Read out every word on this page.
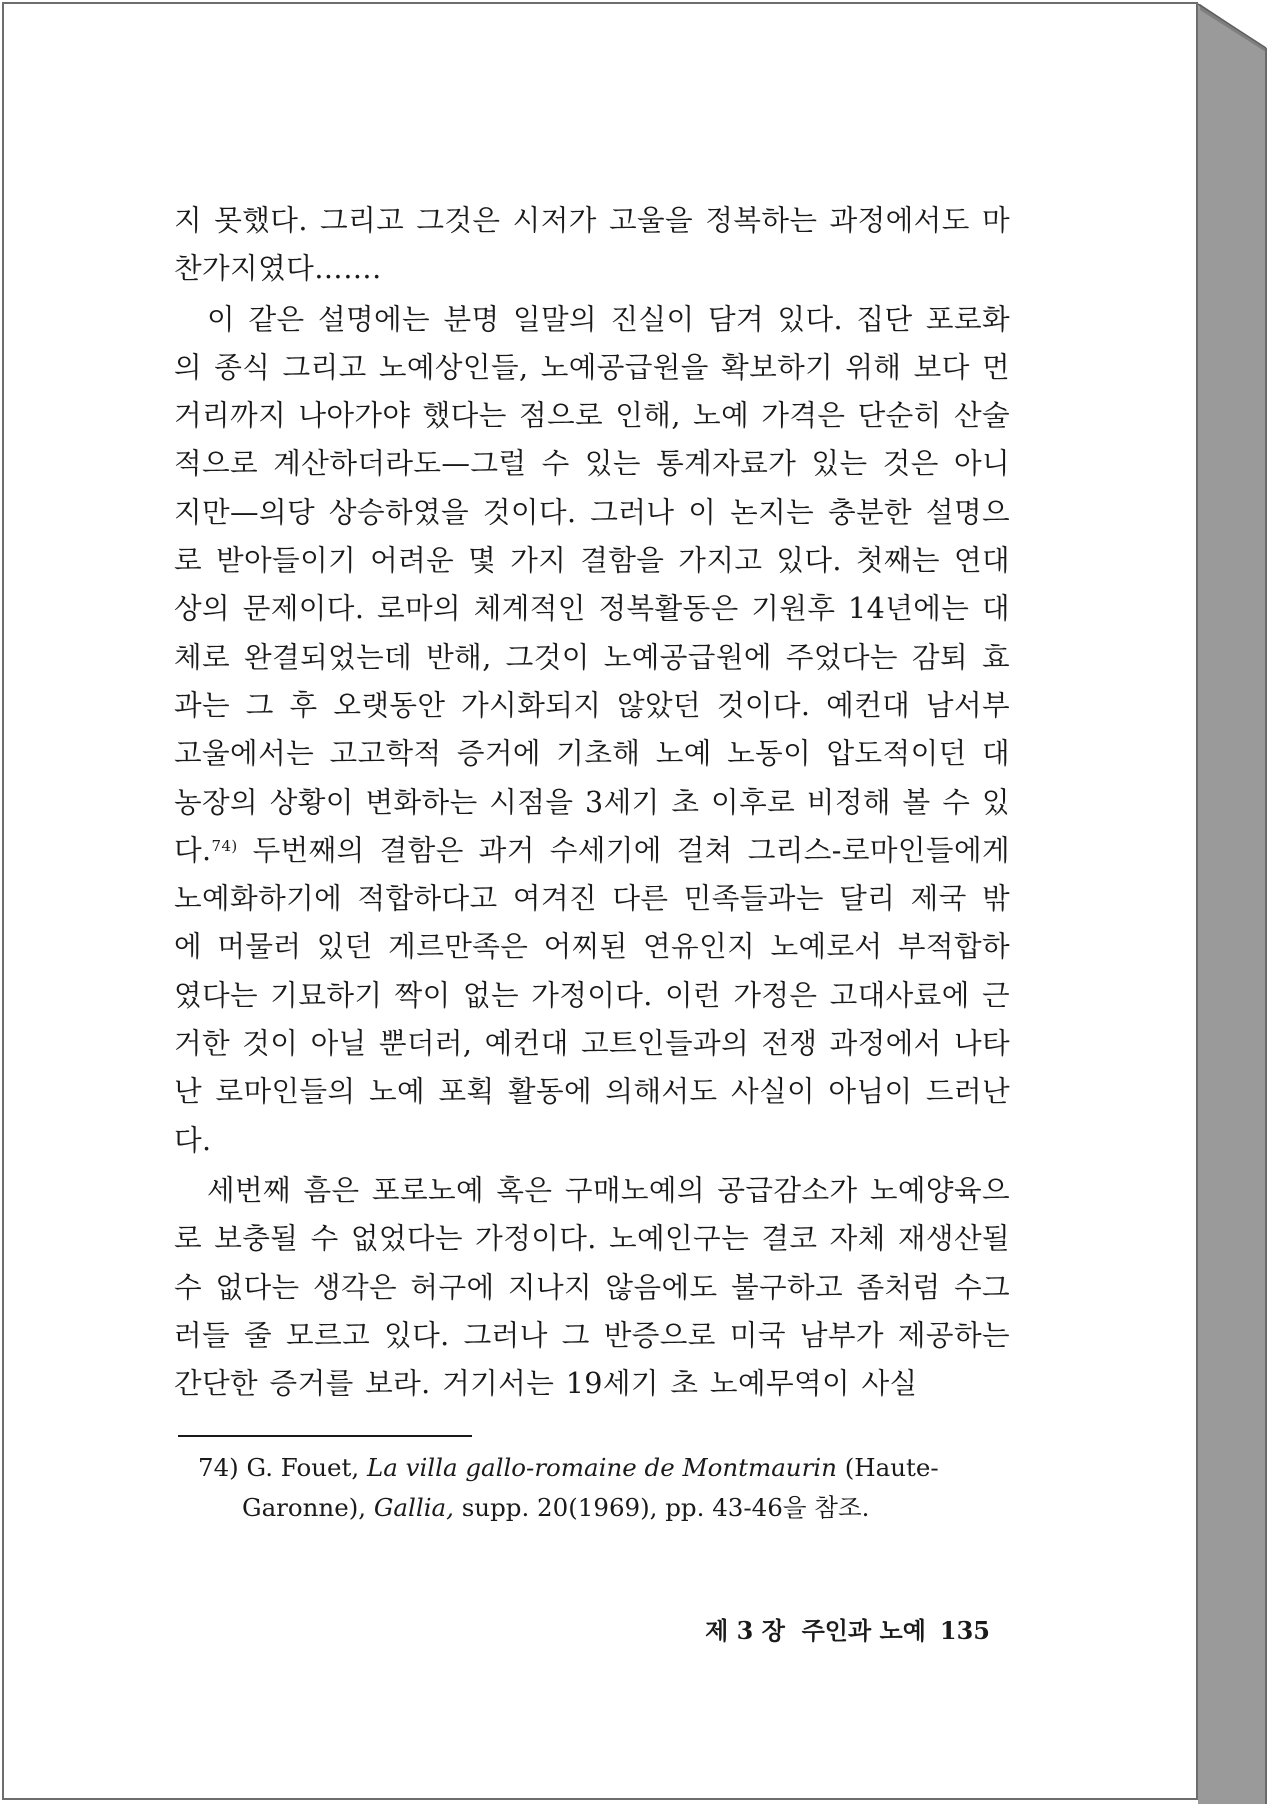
지 못했다. 그리고 그것은 시저가 고울을 정복하는 과정에서도 마찬가지였다…….

이 같은 설명에는 분명 일말의 진실이 담겨 있다. 집단 포로화의 종식 그리고 노예상인들, 노예공급원을 확보하기 위해 보다 먼거리까지 나아가야 했다는 점으로 인해, 노예 가격은 단순히 산술적으로 계산하더라도—그럴 수 있는 통계자료가 있는 것은 아니지만—의당 상승하였을 것이다. 그러나 이 논지는 충분한 설명으로 받아들이기 어려운 몇 가지 결함을 가지고 있다. 첫째는 연대상의 문제이다. 로마의 체계적인 정복활동은 기원후 14년에는 대체로 완결되었는데 반해, 그것이 노예공급원에 주었다는 감퇴 효과는 그 후 오랫동안 가시화되지 않았던 것이다. 예컨대 남서부 고울에서는 고고학적 증거에 기초해 노예 노동이 압도적이던 대농장의 상황이 변화하는 시점을 3세기 초 이후로 비정해 볼 수 있다.$^{74)}$ 두번째의 결함은 과거 수세기에 걸쳐 그리스-로마인들에게 노예화하기에 적합하다고 여겨진 다른 민족들과는 달리 제국 밖에 머물러 있던 게르만족은 어찌된 연유인지 노예로서 부적합하였다는 기묘하기 짝이 없는 가정이다. 이런 가정은 고대사료에 근거한 것이 아닐 뿐더러, 예컨대 고트인들과의 전쟁 과정에서 나타난 로마인들의 노예 포획 활동에 의해서도 사실이 아님이 드러난다.

세번째 흠은 포로노예 혹은 구매노예의 공급감소가 노예양육으로 보충될 수 없었다는 가정이다. 노예인구는 결코 자체 재생산될 수 없다는 생각은 허구에 지나지 않음에도 불구하고 좀처럼 수그러들 줄 모르고 있다. 그러나 그 반증으로 미국 남부가 제공하는 간단한 증거를 보라. 거기서는 19세기 초 노예무역이 사실

74) G. Fouet, La villa gallo-romaine de Montmaurin (Haute-
Garonne), Gallia, supp. 20(1969), pp. 43-46을 참조.
제 3 장  주인과 노예 135
